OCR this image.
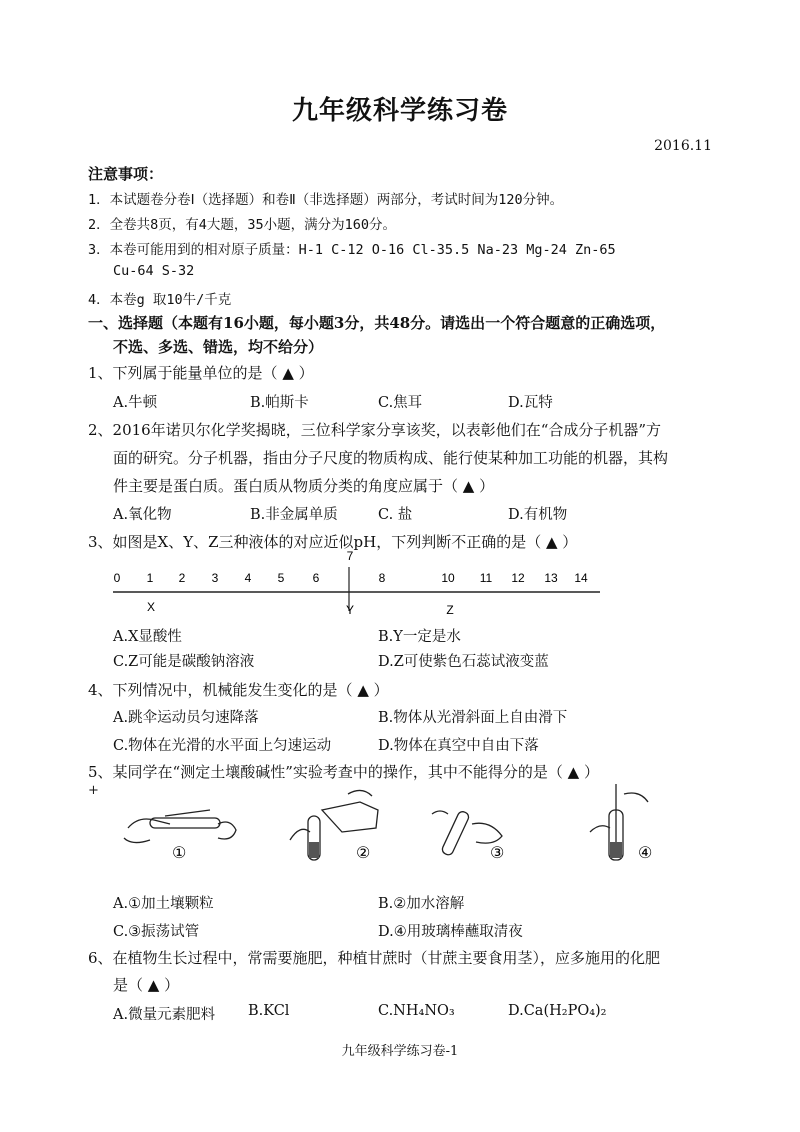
九年级科学练习卷
2016.11
注意事项：
1．本试题卷分卷Ⅰ（选择题）和卷Ⅱ（非选择题）两部分，考试时间为120分钟。
2．全卷共8页，有4大题，35小题，满分为160分。
3．本卷可能用到的相对原子质量：H-1 C-12 O-16 Cl-35.5 Na-23 Mg-24 Zn-65
Cu-64 S-32
4．本卷g 取10牛/千克
一、选择题（本题有16小题，每小题3分，共48分。请选出一个符合题意的正确选项，
不选、多选、错选，均不给分）
1、下列属于能量单位的是（ ▲ ）
A.牛顿	B.帕斯卡	C.焦耳	D.瓦特
2、2016年诺贝尔化学奖揭晓，三位科学家分享该奖，以表彰他们在“合成分子机器”方
面的研究。分子机器，指由分子尺度的物质构成、能行使某种加工功能的机器，其构
件主要是蛋白质。蛋白质从物质分类的角度应属于（ ▲ ）
A.氧化物	B.非金属单质	C. 盐	D.有机物
3、如图是X、Y、Z三种液体的对应近似pH，下列判断不正确的是（ ▲ ）
0 1 2 3 4 5 6
7
8	10 11 12 13 14
X	Y	Z
A.X显酸性	B.Y一定是水
C.Z可能是碳酸钠溶液	D.Z可使紫色石蕊试液变蓝
4、下列情况中，机械能发生变化的是（ ▲ ）
A.跳伞运动员匀速降落	B.物体从光滑斜面上自由滑下
C.物体在光滑的水平面上匀速运动	D.物体在真空中自由下落
5、某同学在“测定土壤酸碱性”实验考查中的操作，其中不能得分的是（ ▲ ）
+
①	②	③	④
A.①加土壤颗粒	B.②加水溶解
C.③振荡试管	D.④用玻璃棒蘸取清夜
6、在植物生长过程中，常需要施肥，种植甘蔗时（甘蔗主要食用茎），应多施用的化肥
是（ ▲ ）
A.微量元素肥料 B.KCl	C.NH₄NO₃	D.Ca(H₂PO₄)₂
九年级科学练习卷-1
